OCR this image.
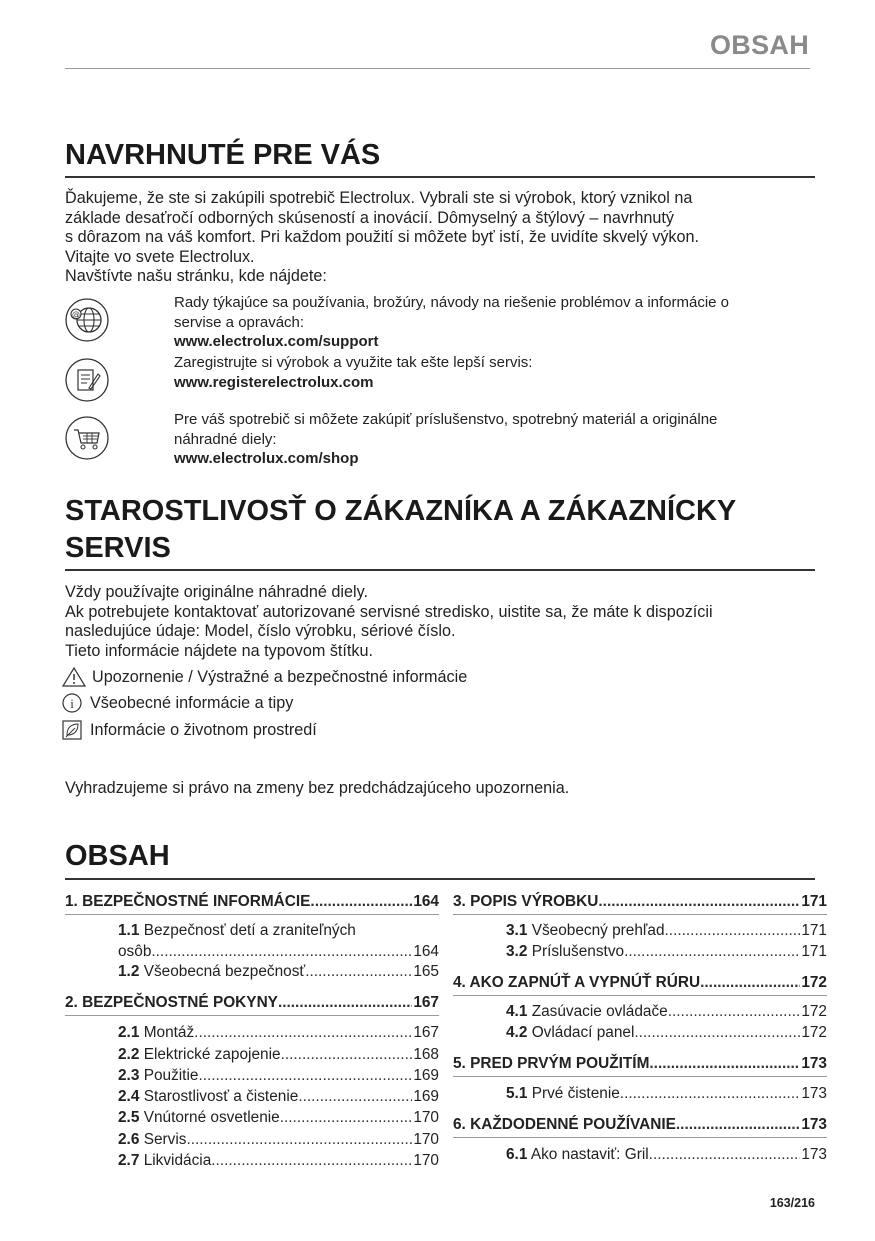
OBSAH
NAVRHNUTÉ PRE VÁS

Ďakujeme, že ste si zakúpili spotrebič Electrolux. Vybrali ste si výrobok, ktorý vznikol na

základe desaťročí odborných skúseností a inovácií. Dômyselný a štýlový – navrhnutý

s dôrazom na váš komfort. Pri každom použití si môžete byť istí, že uvidíte skvelý výkon.

Vitajte vo svete Electrolux.

Navštívte našu stránku, kde nájdete:

@
Rady týkajúce sa používania, brožúry, návody na riešenie problémov a informácie o
servise a opravách:
www.electrolux.com/support
Zaregistrujte si výrobok a využite tak ešte lepší servis:
www.registerelectrolux.com
Pre váš spotrebič si môžete zakúpiť príslušenstvo, spotrebný materiál a originálne
náhradné diely:
www.electrolux.com/shop
STAROSTLIVOSŤ O ZÁKAZNÍKA A ZÁKAZNÍCKY
SERVIS

Vždy používajte originálne náhradné diely.

Ak potrebujete kontaktovať autorizované servisné stredisko, uistite sa, že máte k dispozícii

nasledujúce údaje: Model, číslo výrobku, sériové číslo.

Tieto informácie nájdete na typovom štítku.

Upozornenie / Výstražné a bezpečnostné informácie
i Všeobecné informácie a tipy
Informácie o životnom prostredí
Vyhradzujeme si právo na zmeny bez predchádzajúceho upozornenia.
OBSAH
1. BEZPEČNOSTNÉ INFORMÁCIE .....	164
1.1 Bezpečnosť detí a zraniteľných
osôb .....	164
1.2 Všeobecná bezpečnosť .....	165
2. BEZPEČNOSTNÉ POKYNY .....	167
2.1 Montáž .....	167
2.2 Elektrické zapojenie .....	168
2.3 Použitie .....	169
2.4 Starostlivosť a čistenie .....	169
2.5 Vnútorné osvetlenie .....	170
2.6 Servis .....	170
2.7 Likvidácia .....	170
3. POPIS VÝROBKU .....	171
3.1 Všeobecný prehľad .....	171
3.2 Príslušenstvo .....	171
4. AKO ZAPNÚŤ A VYPNÚŤ RÚRU .....	172
4.1 Zasúvacie ovládače .....	172
4.2 Ovládací panel .....	172
5. PRED PRVÝM POUŽITÍM .....	173
5.1 Prvé čistenie .....	173
6. KAŽDODENNÉ POUŽÍVANIE .....	173
6.1 Ako nastaviť: Gril .....	173
163/216
